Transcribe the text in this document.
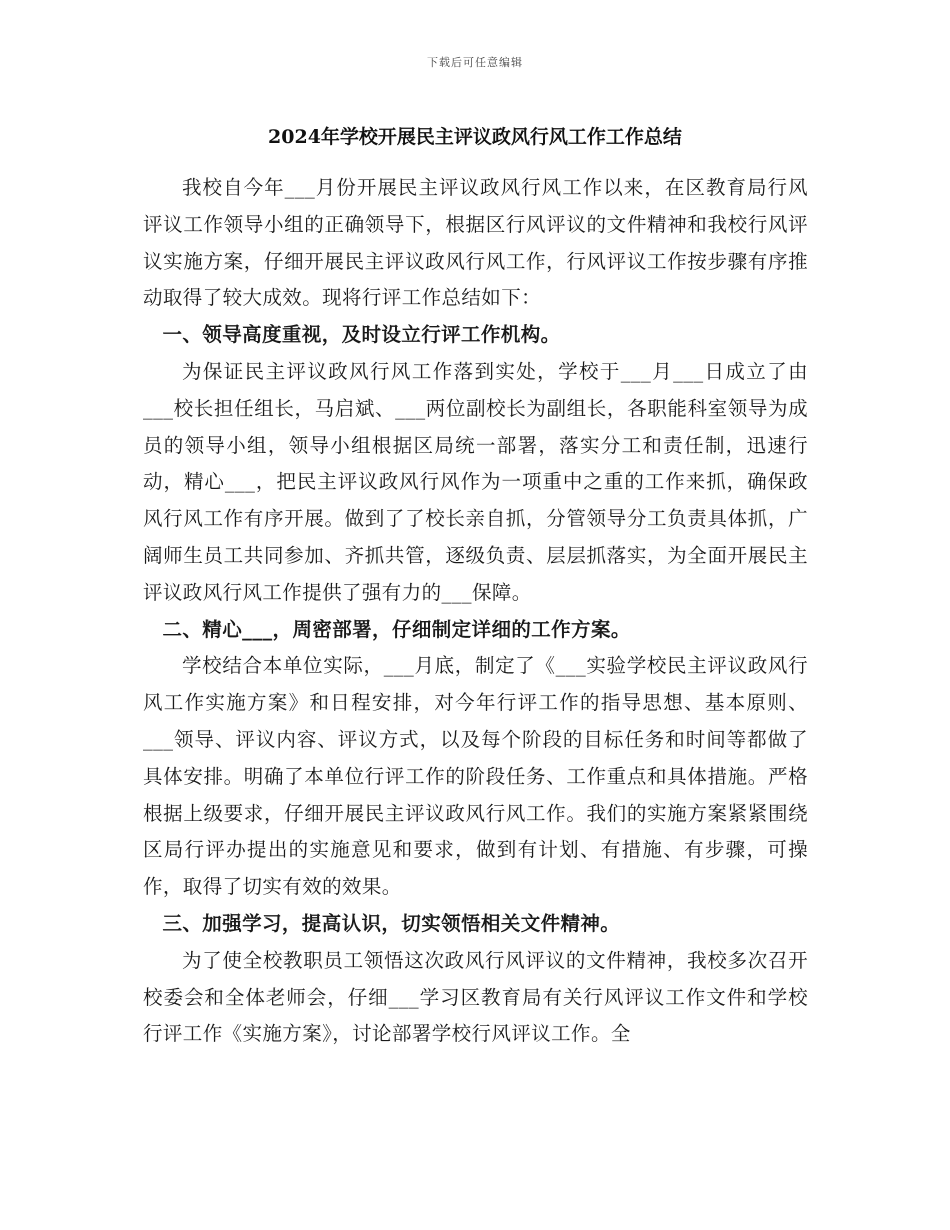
下载后可任意编辑
2024年学校开展民主评议政风行风工作工作总结

我校自今年___月份开展民主评议政风行风工作以来，在区教育局行风评议工作领导小组的正确领导下，根据区行风评议的文件精神和我校行风评议实施方案，仔细开展民主评议政风行风工作，行风评议工作按步骤有序推动取得了较大成效。现将行评工作总结如下：

一、领导高度重视，及时设立行评工作机构。

为保证民主评议政风行风工作落到实处，学校于___月___日成立了由___校长担任组长，马启斌、___两位副校长为副组长，各职能科室领导为成员的领导小组，领导小组根据区局统一部署，落实分工和责任制，迅速行动，精心___，把民主评议政风行风作为一项重中之重的工作来抓，确保政风行风工作有序开展。做到了了校长亲自抓，分管领导分工负责具体抓，广阔师生员工共同参加、齐抓共管，逐级负责、层层抓落实，为全面开展民主评议政风行风工作提供了强有力的___保障。

二、精心___，周密部署，仔细制定详细的工作方案。

学校结合本单位实际，___月底，制定了《___实验学校民主评议政风行风工作实施方案》和日程安排，对今年行评工作的指导思想、基本原则、___领导、评议内容、评议方式，以及每个阶段的目标任务和时间等都做了具体安排。明确了本单位行评工作的阶段任务、工作重点和具体措施。严格根据上级要求，仔细开展民主评议政风行风工作。我们的实施方案紧紧围绕区局行评办提出的实施意见和要求，做到有计划、有措施、有步骤，可操作，取得了切实有效的效果。

三、加强学习，提高认识，切实领悟相关文件精神。

为了使全校教职员工领悟这次政风行风评议的文件精神，我校多次召开校委会和全体老师会，仔细___学习区教育局有关行风评议工作文件和学校行评工作《实施方案》，讨论部署学校行风评议工作。全
